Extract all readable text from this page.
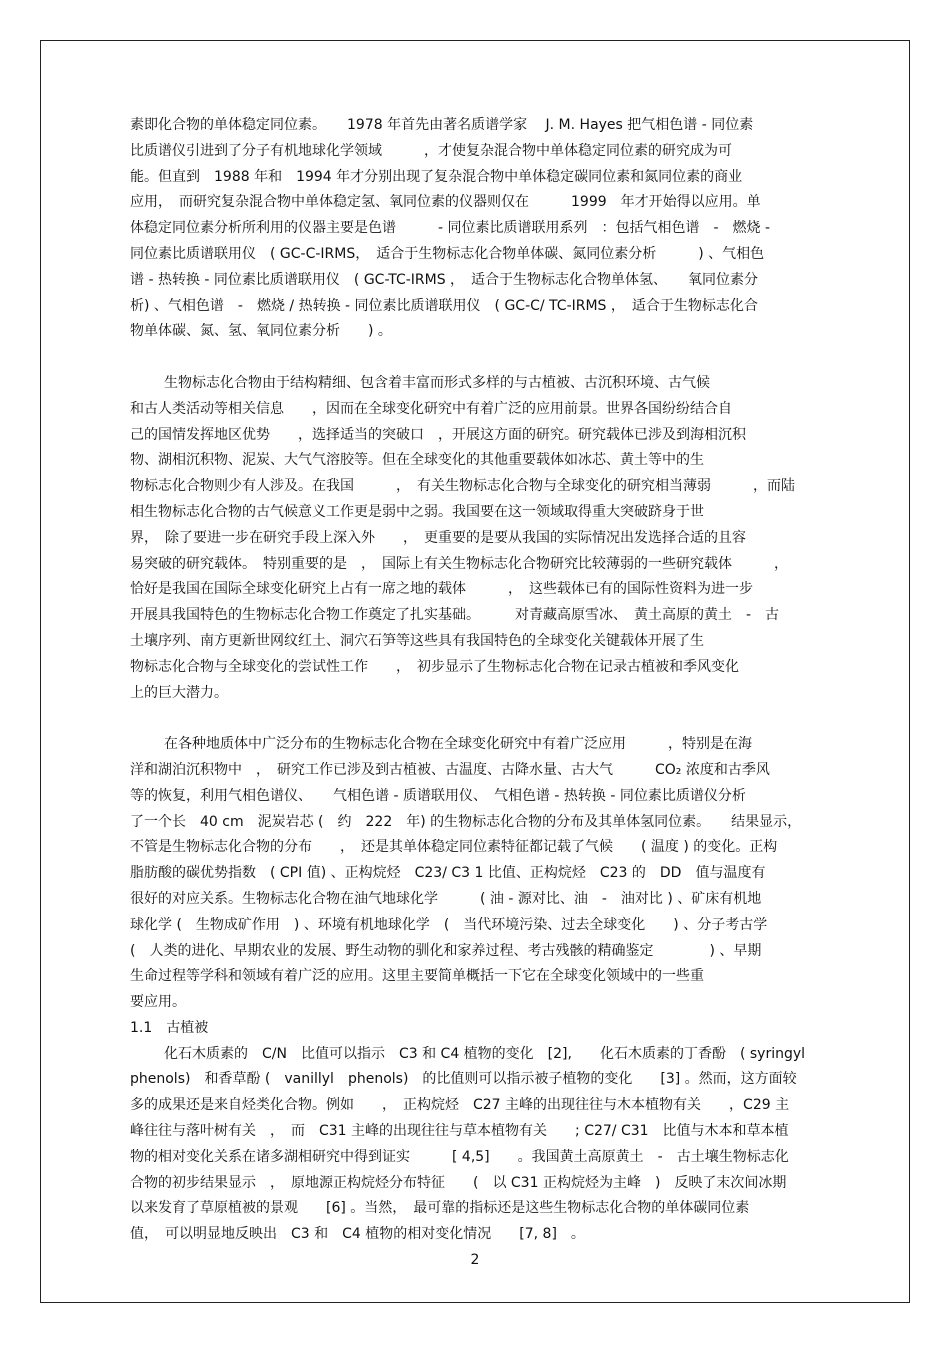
素即化合物的单体稳定同位素。　　1978 年首先由著名质谱学家　 J. M. Hayes 把气相色谱 - 同位素
比质谱仪引进到了分子有机地球化学领域　　　，才使复杂混合物中单体稳定同位素的研究成为可
能。但直到　1988 年和　1994 年才分别出现了复杂混合物中单体稳定碳同位素和氮同位素的商业
应用，　而研究复杂混合物中单体稳定氢、氧同位素的仪器则仅在　　　1999　年才开始得以应用。单
体稳定同位素分析所利用的仪器主要是色谱　　　- 同位素比质谱联用系列　：包括气相色谱　-　燃烧 -
同位素比质谱联用仪　( GC-C-IRMS，　适合于生物标志化合物单体碳、氮同位素分析　　　) 、气相色
谱 - 热转换 - 同位素比质谱联用仪　( GC-TC-IRMS ，　适合于生物标志化合物单体氢、　　氧同位素分
析) 、气相色谱　-　燃烧 / 热转换 - 同位素比质谱联用仪　( GC-C/ TC-IRMS ，　适合于生物标志化合
物单体碳、氮、氢、氧同位素分析　　) 。
生物标志化合物由于结构精细、包含着丰富而形式多样的与古植被、古沉积环境、古气候
和古人类活动等相关信息　　，因而在全球变化研究中有着广泛的应用前景。世界各国纷纷结合自
己的国情发挥地区优势　　，选择适当的突破口　，开展这方面的研究。研究载体已涉及到海相沉积
物、湖相沉积物、泥炭、大气气溶胶等。但在全球变化的其他重要载体如冰芯、黄土等中的生
物标志化合物则少有人涉及。在我国　　　，　有关生物标志化合物与全球变化的研究相当薄弱　　　，而陆
相生物标志化合物的古气候意义工作更是弱中之弱。我国要在这一领域取得重大突破跻身于世
界，　除了要进一步在研究手段上深入外　　，　更重要的是要从我国的实际情况出发选择合适的且容
易突破的研究载体。　特别重要的是　，　国际上有关生物标志化合物研究比较薄弱的一些研究载体　　　，
恰好是我国在国际全球变化研究上占有一席之地的载体　　　，　这些载体已有的国际性资料为进一步
开展具我国特色的生物标志化合物工作奠定了扎实基础。　　　对青藏高原雪冰、　黄土高原的黄土　-　古
土壤序列、南方更新世网纹红土、洞穴石笋等这些具有我国特色的全球变化关键载体开展了生
物标志化合物与全球变化的尝试性工作　　，　初步显示了生物标志化合物在记录古植被和季风变化
上的巨大潜力。
在各种地质体中广泛分布的生物标志化合物在全球变化研究中有着广泛应用　　　，特别是在海
洋和湖泊沉积物中　，　研究工作已涉及到古植被、古温度、古降水量、古大气　　　CO₂ 浓度和古季风
等的恢复，利用气相色谱仪、　　气相色谱 - 质谱联用仪、　气相色谱 - 热转换 - 同位素比质谱仪分析
了一个长　40 cm　泥炭岩芯 (　约　222　年) 的生物标志化合物的分布及其单体氢同位素。　　结果显示，
不管是生物标志化合物的分布　　，　还是其单体稳定同位素特征都记载了气候　　( 温度 ) 的变化。正构
脂肪酸的碳优势指数　( CPI 值) 、正构烷烃　C23/ C3 1 比值、正构烷烃　C23 的　DD　值与温度有
很好的对应关系。生物标志化合物在油气地球化学　　　( 油 - 源对比、油　-　油对比 ) 、矿床有机地
球化学 (　生物成矿作用　) 、环境有机地球化学　(　当代环境污染、过去全球变化　　) 、分子考古学
(　人类的进化、早期农业的发展、野生动物的驯化和家养过程、考古残骸的精确鉴定　　　　) 、早期
生命过程等学科和领域有着广泛的应用。这里主要简单概括一下它在全球变化领域中的一些重
要应用。
1.1　古植被
化石木质素的　C/N　比值可以指示　C3 和 C4 植物的变化　[2],　　化石木质素的丁香酚　( syringyl
phenols)　和香草酚 (　vanillyl　phenols)　的比值则可以指示被子植物的变化　　[3] 。然而，这方面较
多的成果还是来自烃类化合物。例如　　，　正构烷烃　C27 主峰的出现往往与木本植物有关　　，C29 主
峰往往与落叶树有关　，　而　C31 主峰的出现往往与草本植物有关　　; C27/ C31　比值与木本和草本植
物的相对变化关系在诸多湖相研究中得到证实　　　[ 4,5]　　。我国黄土高原黄土　-　古土壤生物标志化
合物的初步结果显示　，　原地源正构烷烃分布特征　　(　以 C31 正构烷烃为主峰　)　反映了末次间冰期
以来发育了草原植被的景观　　[6] 。当然，　最可靠的指标还是这些生物标志化合物的单体碳同位素
值，　可以明显地反映出　C3 和　C4 植物的相对变化情况　　[7, 8]　。
2
